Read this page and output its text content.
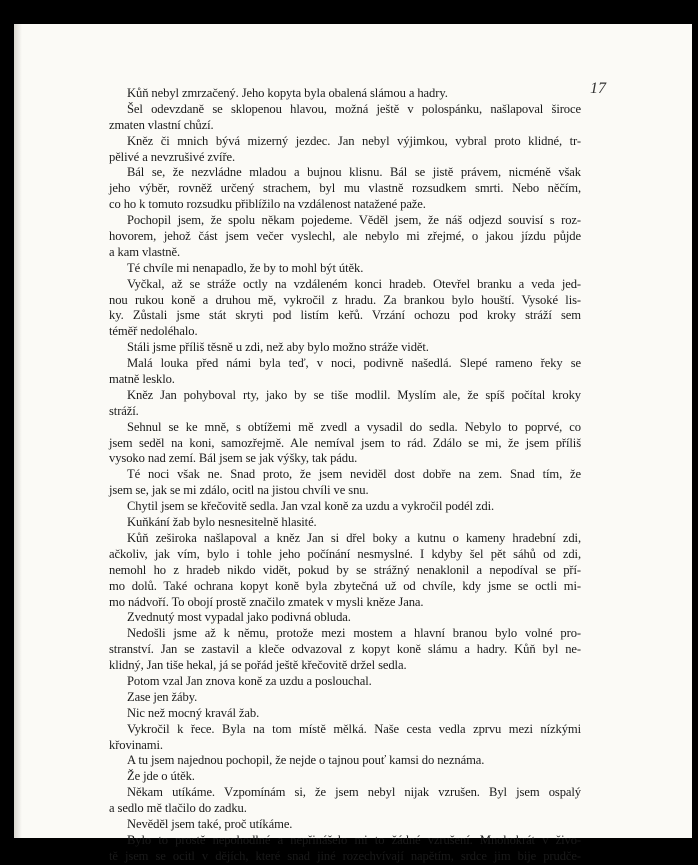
17
Kůň nebyl zmrzačený. Jeho kopyta byla obalená slámou a hadry.
Šel odevzdaně se sklopenou hlavou, možná ještě v polospánku, našlapoval široce
zmaten vlastní chůzí.
Kněz či mnich bývá mizerný jezdec. Jan nebyl výjimkou, vybral proto klidné, tr-
pělivé a nevzrušivé zvíře.
Bál se, že nezvládne mladou a bujnou klisnu. Bál se jistě právem, nicméně však
jeho výběr, rovněž určený strachem, byl mu vlastně rozsudkem smrti. Nebo něčím,
co ho k tomuto rozsudku přiblížilo na vzdálenost natažené paže.
Pochopil jsem, že spolu někam pojedeme. Věděl jsem, že náš odjezd souvisí s roz-
hovorem, jehož část jsem večer vyslechl, ale nebylo mi zřejmé, o jakou jízdu půjde
a kam vlastně.
Té chvíle mi nenapadlo, že by to mohl být útěk.
Vyčkal, až se stráže octly na vzdáleném konci hradeb. Otevřel branku a veda jed-
nou rukou koně a druhou mě, vykročil z hradu. Za brankou bylo houští. Vysoké lis-
ky. Zůstali jsme stát skryti pod listím keřů. Vrzání ochozu pod kroky stráží sem
téměř nedoléhalo.
Stáli jsme příliš těsně u zdi, než aby bylo možno stráže vidět.
Malá louka před námi byla teď, v noci, podivně našedlá. Slepé rameno řeky se
matně lesklo.
Kněz Jan pohyboval rty, jako by se tiše modlil. Myslím ale, že spíš počítal kroky
stráží.
Sehnul se ke mně, s obtížemi mě zvedl a vysadil do sedla. Nebylo to poprvé, co
jsem seděl na koni, samozřejmě. Ale nemíval jsem to rád. Zdálo se mi, že jsem příliš
vysoko nad zemí. Bál jsem se jak výšky, tak pádu.
Té noci však ne. Snad proto, že jsem neviděl dost dobře na zem. Snad tím, že
jsem se, jak se mi zdálo, ocitl na jistou chvíli ve snu.
Chytil jsem se křečovitě sedla. Jan vzal koně za uzdu a vykročil podél zdi.
Kuňkání žab bylo nesnesitelně hlasité.
Kůň zeširoka našlapoval a kněz Jan si dřel boky a kutnu o kameny hradební zdi,
ačkoliv, jak vím, bylo i tohle jeho počínání nesmyslné. I kdyby šel pět sáhů od zdi,
nemohl ho z hradeb nikdo vidět, pokud by se strážný nenaklonil a nepodíval se pří-
mo dolů. Také ochrana kopyt koně byla zbytečná už od chvíle, kdy jsme se octli mi-
mo nádvoří. To obojí prostě značilo zmatek v mysli kněze Jana.
Zvednutý most vypadal jako podivná obluda.
Nedošli jsme až k němu, protože mezi mostem a hlavní branou bylo volné pro-
stranství. Jan se zastavil a kleče odvazoval z kopyt koně slámu a hadry. Kůň byl ne-
klidný, Jan tiše hekal, já se pořád ještě křečovitě držel sedla.
Potom vzal Jan znova koně za uzdu a poslouchal.
Zase jen žáby.
Nic než mocný kravál žab.
Vykročil k řece. Byla na tom místě mělká. Naše cesta vedla zprvu mezi nízkými
křovinami.
A tu jsem najednou pochopil, že nejde o tajnou pouť kamsi do neznáma.
Že jde o útěk.
Někam utíkáme. Vzpomínám si, že jsem nebyl nijak vzrušen. Byl jsem ospalý
a sedlo mě tlačilo do zadku.
Nevěděl jsem také, proč utíkáme.
Bylo to prostě nepohodlné a nepřinášelo mi to žádné vzrušení. Mnohokrát v živo-
tě jsem se ocitl v dějích, které snad jiné rozechvívají napětím, srdce jim bije prudče-
